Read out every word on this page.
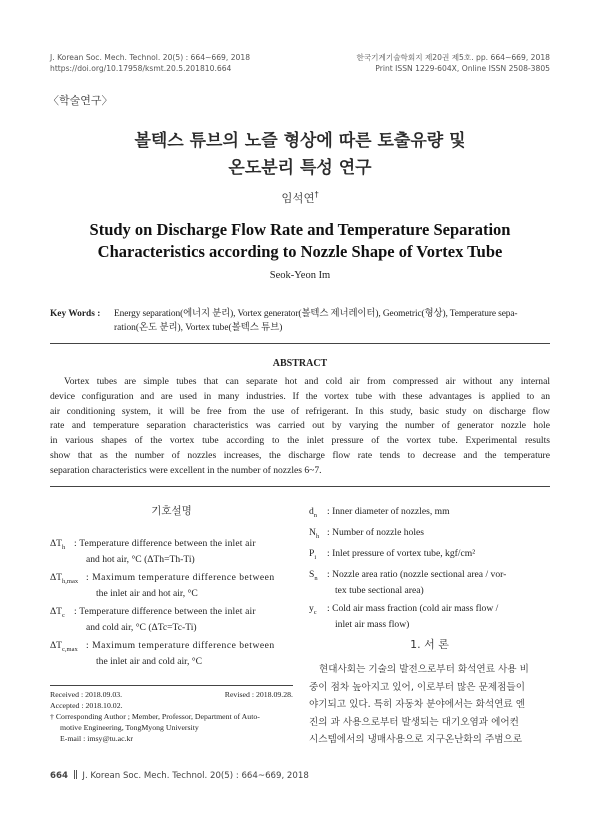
J. Korean Soc. Mech. Technol. 20(5) : 664~669, 2018
https://doi.org/10.17958/ksmt.20.5.201810.664
한국기계기술학회지 제20권 제5호. pp. 664~669, 2018
Print ISSN 1229-604X, Online ISSN 2508-3805
〈학술연구〉
볼텍스 튜브의 노즐 형상에 따른 토출유량 및
온도분리 특성 연구
임석연†
Study on Discharge Flow Rate and Temperature Separation
Characteristics according to Nozzle Shape of Vortex Tube
Seok-Yeon Im
Key Words : Energy separation(에너지 분리), Vortex generator(볼텍스 제너레이터), Geometric(형상), Temperature sepa-
ration(온도 분리), Vortex tube(볼텍스 튜브)
ABSTRACT
Vortex tubes are simple tubes that can separate hot and cold air from compressed air without any internal
device configuration and are used in many industries. If the vortex tube with these advantages is applied to an
air conditioning system, it will be free from the use of refrigerant. In this study, basic study on discharge flow
rate and temperature separation characteristics was carried out by varying the number of generator nozzle hole
in various shapes of the vortex tube according to the inlet pressure of the vortex tube. Experimental results
show that as the number of nozzles increases, the discharge flow rate tends to decrease and the temperature
separation characteristics were excellent in the number of nozzles 6~7.
기호설명
$\Delta T_h$ : Temperature difference between the inlet air
and hot air, °C (ΔTh=Th-Ti)
$\Delta T_{h,max}$ : Maximum temperature difference between
the inlet air and hot air, °C
$\Delta T_c$ : Temperature difference between the inlet air
and cold air, °C (ΔTc=Tc-Ti)
$\Delta T_{c,max}$ : Maximum temperature difference between
the inlet air and cold air, °C
$d_n$ : Inner diameter of nozzles, mm
$N_h$ : Number of nozzle holes
$P_i$ : Inlet pressure of vortex tube, kgf/cm²
$S_n$ : Nozzle area ratio (nozzle sectional area / vor-
tex tube sectional area)
$y_c$ : Cold air mass fraction (cold air mass flow /
inlet air mass flow)
1. 서 론
현대사회는 기술의 발전으로부터 화석연료 사용 비
중이 점차 높아지고 있어, 이로부터 많은 문제점들이
야기되고 있다. 특히 자동차 분야에서는 화석연료 엔
진의 과 사용으로부터 발생되는 대기오염과 에어컨
시스템에서의 냉매사용으로 지구온난화의 주범으로
Received : 2018.09.03.	Revised : 2018.09.28.
Accepted : 2018.10.02.
† Corresponding Author ; Member, Professor, Department of Auto-
motive Engineering, TongMyong University
E-mail : imsy@tu.ac.kr
664 J. Korean Soc. Mech. Technol. 20(5) : 664~669, 2018
